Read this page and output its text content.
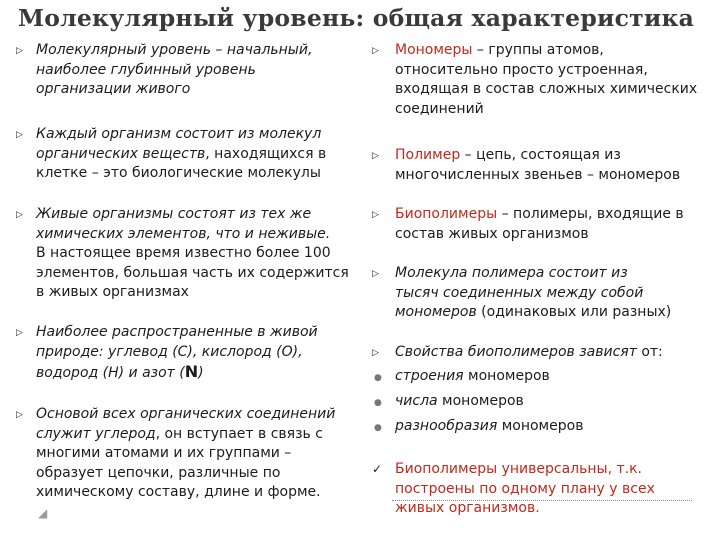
Молекулярный уровень: общая характеристика
▷ Молекулярный уровень – начальный,
наиболее глубинный уровень
организации живого
▷ Каждый организм состоит из молекул
органических веществ, находящихся в
клетке – это биологические молекулы
▷ Живые организмы состоят из тех же
химических элементов, что и неживые.
В настоящее время известно более 100
элементов, большая часть их содержится
в живых организмах
▷ Наиболее распространенные в живой
природе: углевод (С), кислород (О),
водород (Н) и азот (N)
▷ Основой всех органических соединений
служит углерод, он вступает в связь с
многими атомами и их группами –
образует цепочки, различные по
химическому составу, длине и форме.
▷ Мономеры – группы атомов,
относительно просто устроенная,
входящая в состав сложных химических
соединений
▷ Полимер – цепь, состоящая из
многочисленных звеньев – мономеров
▷ Биополимеры – полимеры, входящие в
состав живых организмов
▷ Молекула полимера состоит из
тысяч соединенных между собой
мономеров (одинаковых или разных)
▷ Свойства биополимеров зависят от:
● строения мономеров
● числа мономеров
● разнообразия мономеров
✓ Биополимеры универсальны, т.к.
построены по одному плану у всех
живых организмов.
◢
